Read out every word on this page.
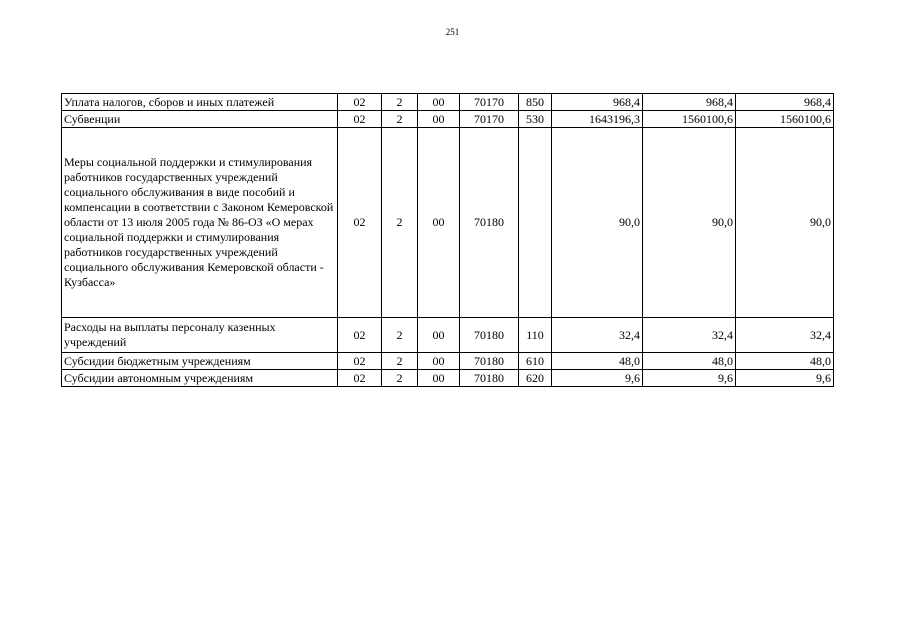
251
Уплата налогов, сборов и иных платежей	02	2	00	70170	850	968,4	968,4	968,4
Субвенции	02	2	00	70170	530	1643196,3	1560100,6	1560100,6
Меры социальной поддержки и стимулирования работников государственных учреждений социального обслуживания в виде пособий и компенсации в соответствии с Законом Кемеровской области от 13 июля 2005 года № 86-ОЗ «О мерах социальной поддержки и стимулирования работников государственных учреждений социального обслуживания Кемеровской области - Кузбасса»	02	2	00	70180		90,0	90,0	90,0
Расходы на выплаты персоналу казенных учреждений	02	2	00	70180	110	32,4	32,4	32,4
Субсидии бюджетным учреждениям	02	2	00	70180	610	48,0	48,0	48,0
Субсидии автономным учреждениям	02	2	00	70180	620	9,6	9,6	9,6
